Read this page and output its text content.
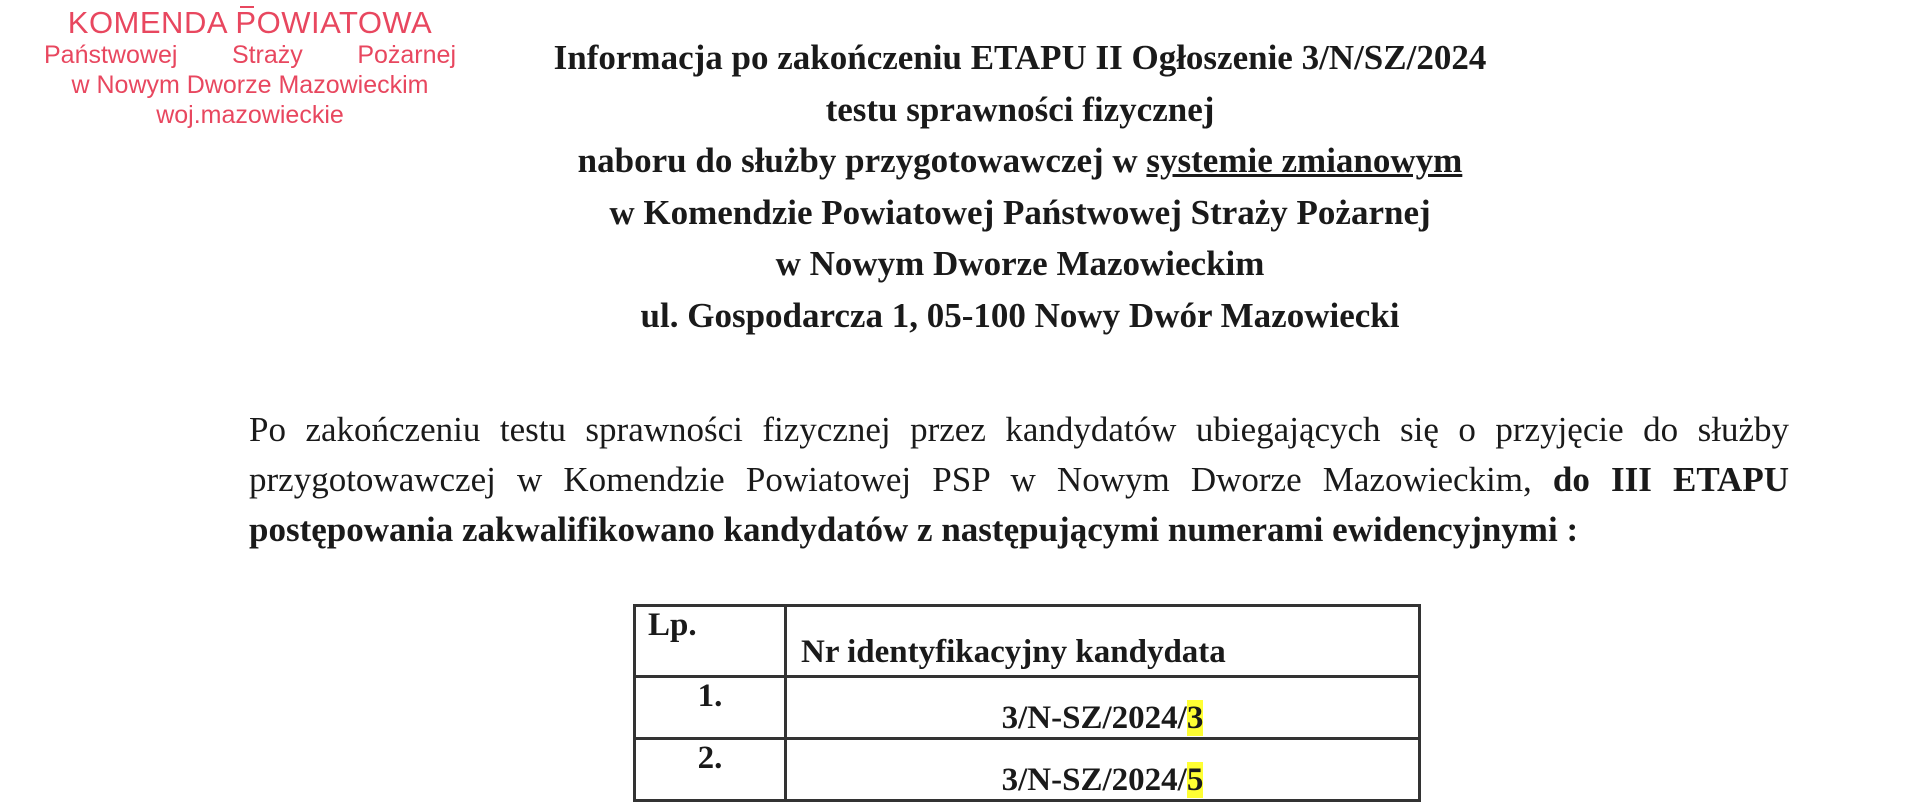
KOMENDA POWIATOWA
Państwowej Straży Pożarnej
w Nowym Dworze Mazowieckim
woj.mazowieckie
Informacja po zakończeniu ETAPU II Ogłoszenie 3/N/SZ/2024
testu sprawności fizycznej
naboru do służby przygotowawczej w systemie zmianowym
w Komendzie Powiatowej Państwowej Straży Pożarnej
w Nowym Dworze Mazowieckim
ul. Gospodarcza 1, 05-100 Nowy Dwór Mazowiecki
Po zakończeniu testu sprawności fizycznej przez kandydatów ubiegających się o przyjęcie do służby przygotowawczej w Komendzie Powiatowej PSP w Nowym Dworze Mazowieckim, do III ETAPU postępowania zakwalifikowano kandydatów z następującymi numerami ewidencyjnymi :
Lp.	Nr identyfikacyjny kandydata
1.	3/N-SZ/2024/3
2.	3/N-SZ/2024/5
